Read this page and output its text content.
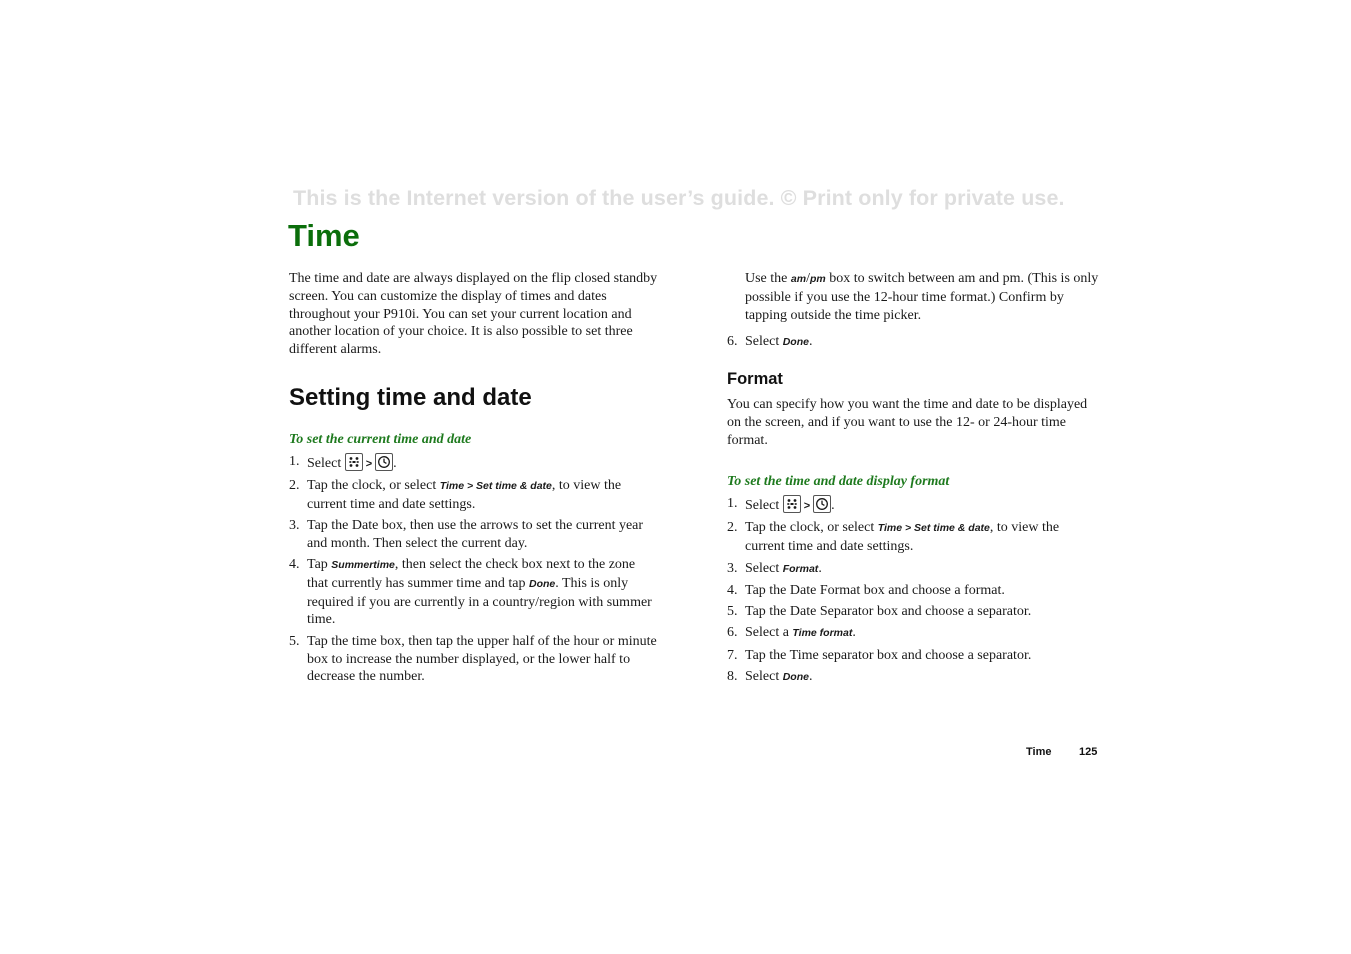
This is the Internet version of the user’s guide. © Print only for private use.
Time

The time and date are always displayed on the flip closed standby screen. You can customize the display of times and dates throughout your P910i. You can set your current location and another location of your choice. It is also possible to set three different alarms.

Setting time and date
To set the current time and date
1. Select
> .
2. Tap the clock, or select Time > Set time & date, to view the current time and date settings.
3. Tap the Date box, then use the arrows to set the current year and month. Then select the current day.
4. Tap Summertime, then select the check box next to the zone that currently has summer time and tap Done. This is only required if you are currently in a country/region with summer time.
5. Tap the time box, then tap the upper half of the hour or minute box to increase the number displayed, or the lower half to decrease the number.

Use the am/pm box to switch between am and pm. (This is only possible if you use the 12-hour time format.) Confirm by tapping outside the time picker.

6. Select Done.
Format

You can specify how you want the time and date to be displayed on the screen, and if you want to use the 12- or 24-hour time format.

To set the time and date display format
1. Select
> .
2. Tap the clock, or select Time > Set time & date, to view the current time and date settings.
3. Select Format.
4. Tap the Date Format box and choose a format.
5. Tap the Date Separator box and choose a separator.
6. Select a Time format.
7. Tap the Time separator box and choose a separator.
8. Select Done.
Time	125
